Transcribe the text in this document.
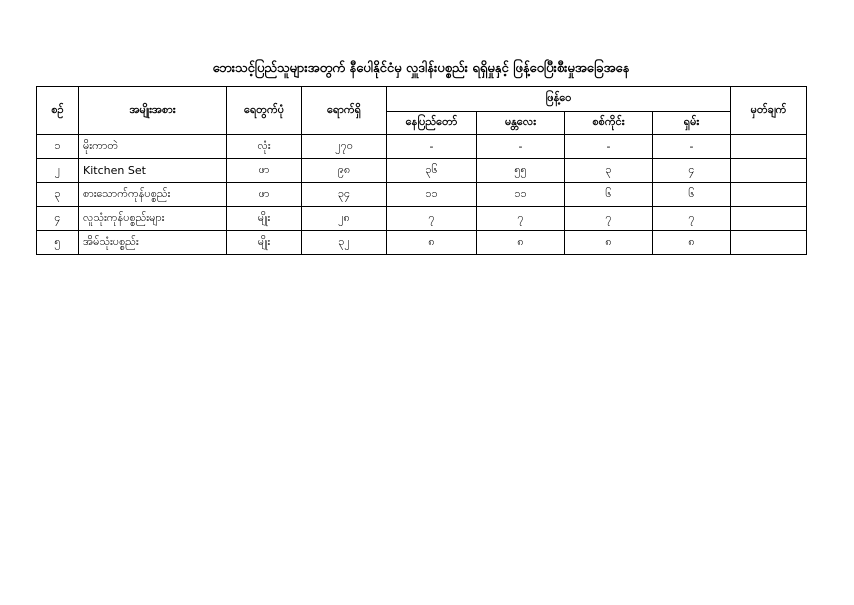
ဘေးသင့်ပြည်သူများအတွက် နီပေါနိုင်ငံမှ လှူဒါန်းပစ္စည်း ရရှိမှုနှင့် ဖြန့်ဝေပြီးစီးမှုအခြေအနေ
စဉ်	အမျိုးအစား	ရေတွက်ပုံ	ရောက်ရှိ	ဖြန့်ဝေ				မှတ်ချက်
				နေပြည်တော်	မန္တလေး	စစ်ကိုင်း	ရှမ်း	
၁	မိုးကာတဲ	လုံး	၂၇၀	-	-	-	-	
၂	Kitchen Set	ဖာ	၉၈	၃၆	၅၅	၃	၄	
၃	စားသောက်ကုန်ပစ္စည်း	ဖာ	၃၄	၁၁	၁၁	၆	၆	
၄	လူသုံးကုန်ပစ္စည်းများ	မျိုး	၂၈	၇	၇	၇	၇	
၅	အိမ်သုံးပစ္စည်း	မျိုး	၃၂	၈	၈	၈	၈	
